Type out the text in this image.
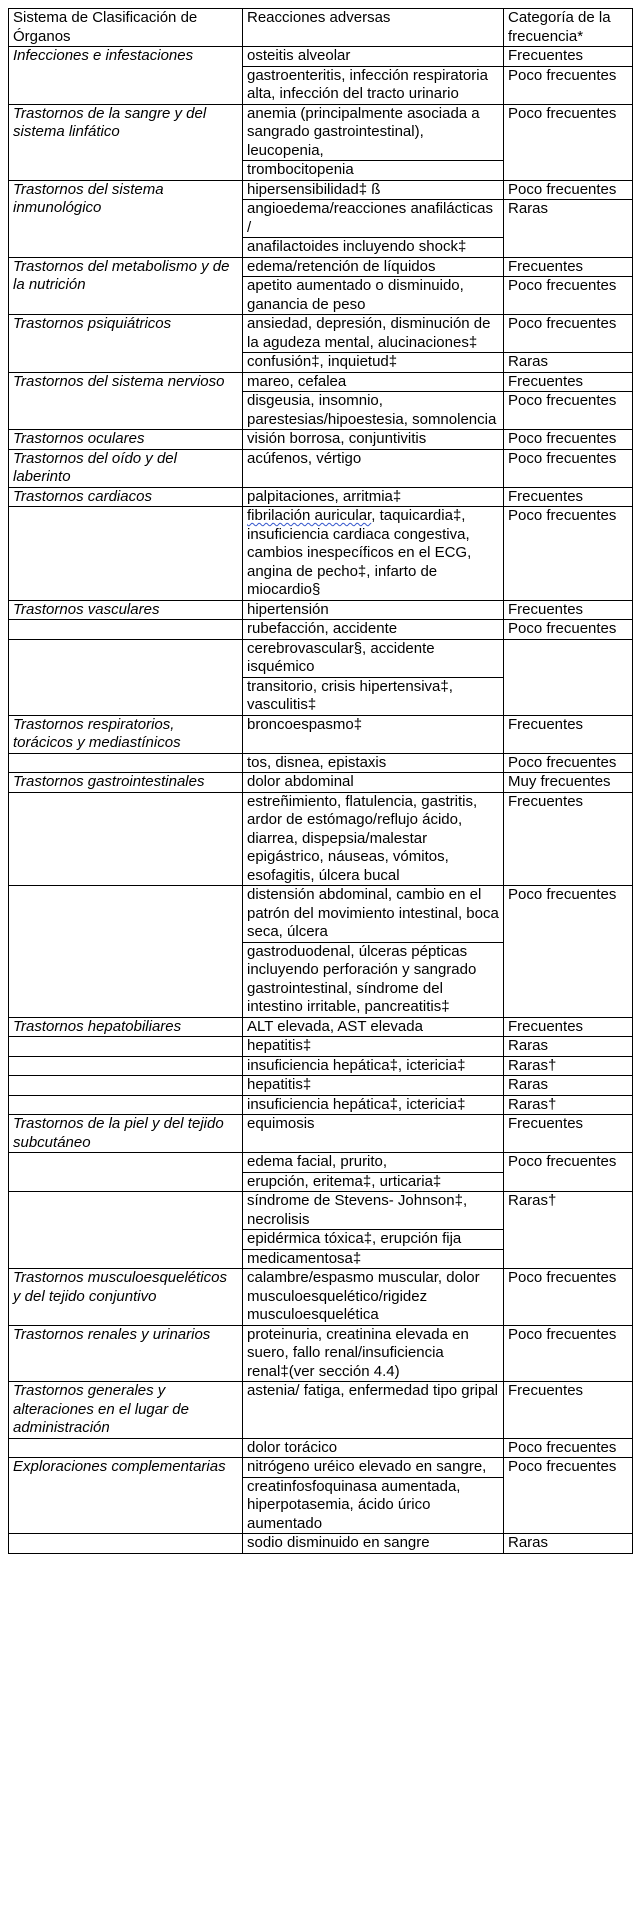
Sistema de Clasificación de Órganos	Reacciones adversas	Categoría de la frecuencia*
Infecciones e infestaciones	osteitis alveolar	Frecuentes
	gastroenteritis, infección respiratoria alta, infección del tracto urinario	Poco frecuentes
Trastornos de la sangre y del sistema linfático	anemia (principalmente asociada a sangrado gastrointestinal), leucopenia,	Poco frecuentes
	trombocitopenia	
Trastornos del sistema inmunológico	hipersensibilidad‡ ß	Poco frecuentes
	angioedema/reacciones anafilácticas /	Raras
	anafilactoides incluyendo shock‡	
Trastornos del metabolismo y de la nutrición	edema/retención de líquidos	Frecuentes
	apetito aumentado o disminuido, ganancia de peso	Poco frecuentes
Trastornos psiquiátricos	ansiedad, depresión, disminución de la agudeza mental, alucinaciones‡	Poco frecuentes
	confusión‡, inquietud‡	Raras
Trastornos del sistema nervioso	mareo, cefalea	Frecuentes
	disgeusia, insomnio, parestesias/hipoestesia, somnolencia	Poco frecuentes
Trastornos oculares	visión borrosa, conjuntivitis	Poco frecuentes
Trastornos del oído y del laberinto	acúfenos, vértigo	Poco frecuentes
Trastornos cardiacos	palpitaciones, arritmia‡	Frecuentes
	fibrilación auricular, taquicardia‡, insuficiencia cardiaca congestiva, cambios inespecíficos en el ECG, angina de pecho‡, infarto de miocardio§	Poco frecuentes
Trastornos vasculares	hipertensión	Frecuentes
	rubefacción, accidente	Poco frecuentes
	cerebrovascular§, accidente isquémico	
	transitorio, crisis hipertensiva‡, vasculitis‡	
Trastornos respiratorios, torácicos y mediastínicos	broncoespasmo‡	Frecuentes
	tos, disnea, epistaxis	Poco frecuentes
Trastornos gastrointestinales	dolor abdominal	Muy frecuentes
	estreñimiento, flatulencia, gastritis, ardor de estómago/reflujo ácido, diarrea, dispepsia/malestar epigástrico, náuseas, vómitos, esofagitis, úlcera bucal	Frecuentes
	distensión abdominal, cambio en el patrón del movimiento intestinal, boca seca, úlcera	Poco frecuentes
	gastroduodenal, úlceras pépticas incluyendo perforación y sangrado gastrointestinal, síndrome del intestino irritable, pancreatitis‡	
Trastornos hepatobiliares	ALT elevada, AST elevada	Frecuentes
	hepatitis‡	Raras
	insuficiencia hepática‡, ictericia‡	Raras†
	hepatitis‡	Raras
	insuficiencia hepática‡, ictericia‡	Raras†
Trastornos de la piel y del tejido subcutáneo	equimosis	Frecuentes
	edema facial, prurito,	Poco frecuentes
	erupción, eritema‡, urticaria‡	
	síndrome de Stevens- Johnson‡, necrolisis	Raras†
	epidérmica tóxica‡, erupción fija	
	medicamentosa‡	
Trastornos musculoesqueléticos y del tejido conjuntivo	calambre/espasmo muscular, dolor musculoesquelético/rigidez musculoesquelética	Poco frecuentes
Trastornos renales y urinarios	proteinuria, creatinina elevada en suero, fallo renal/insuficiencia renal‡(ver sección 4.4)	Poco frecuentes
Trastornos generales y alteraciones en el lugar de administración	astenia/ fatiga, enfermedad tipo gripal	Frecuentes
	dolor torácico	Poco frecuentes
Exploraciones complementarias	nitrógeno uréico elevado en sangre,	Poco frecuentes
	creatinfosfoquinasa aumentada, hiperpotasemia, ácido úrico aumentado	
	sodio disminuido en sangre	Raras
